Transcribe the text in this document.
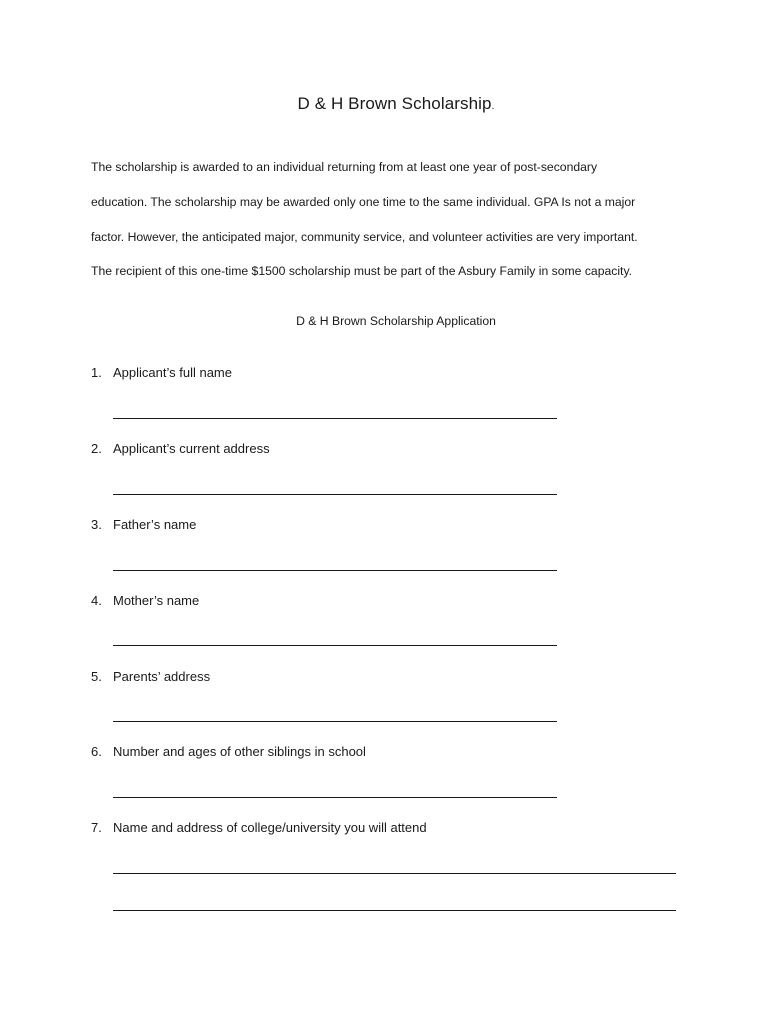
D & H Brown Scholarship.

The scholarship is awarded to an individual returning from at least one year of post-secondary

education. The scholarship may be awarded only one time to the same individual. GPA Is not a major

factor. However, the anticipated major, community service, and volunteer activities are very important.

The recipient of this one-time $1500 scholarship must be part of the Asbury Family in some capacity.

D & H Brown Scholarship Application
1. Applicant’s full name
2. Applicant’s current address
3. Father’s name
4. Mother’s name
5. Parents’ address
6. Number and ages of other siblings in school
7. Name and address of college/university you will attend
